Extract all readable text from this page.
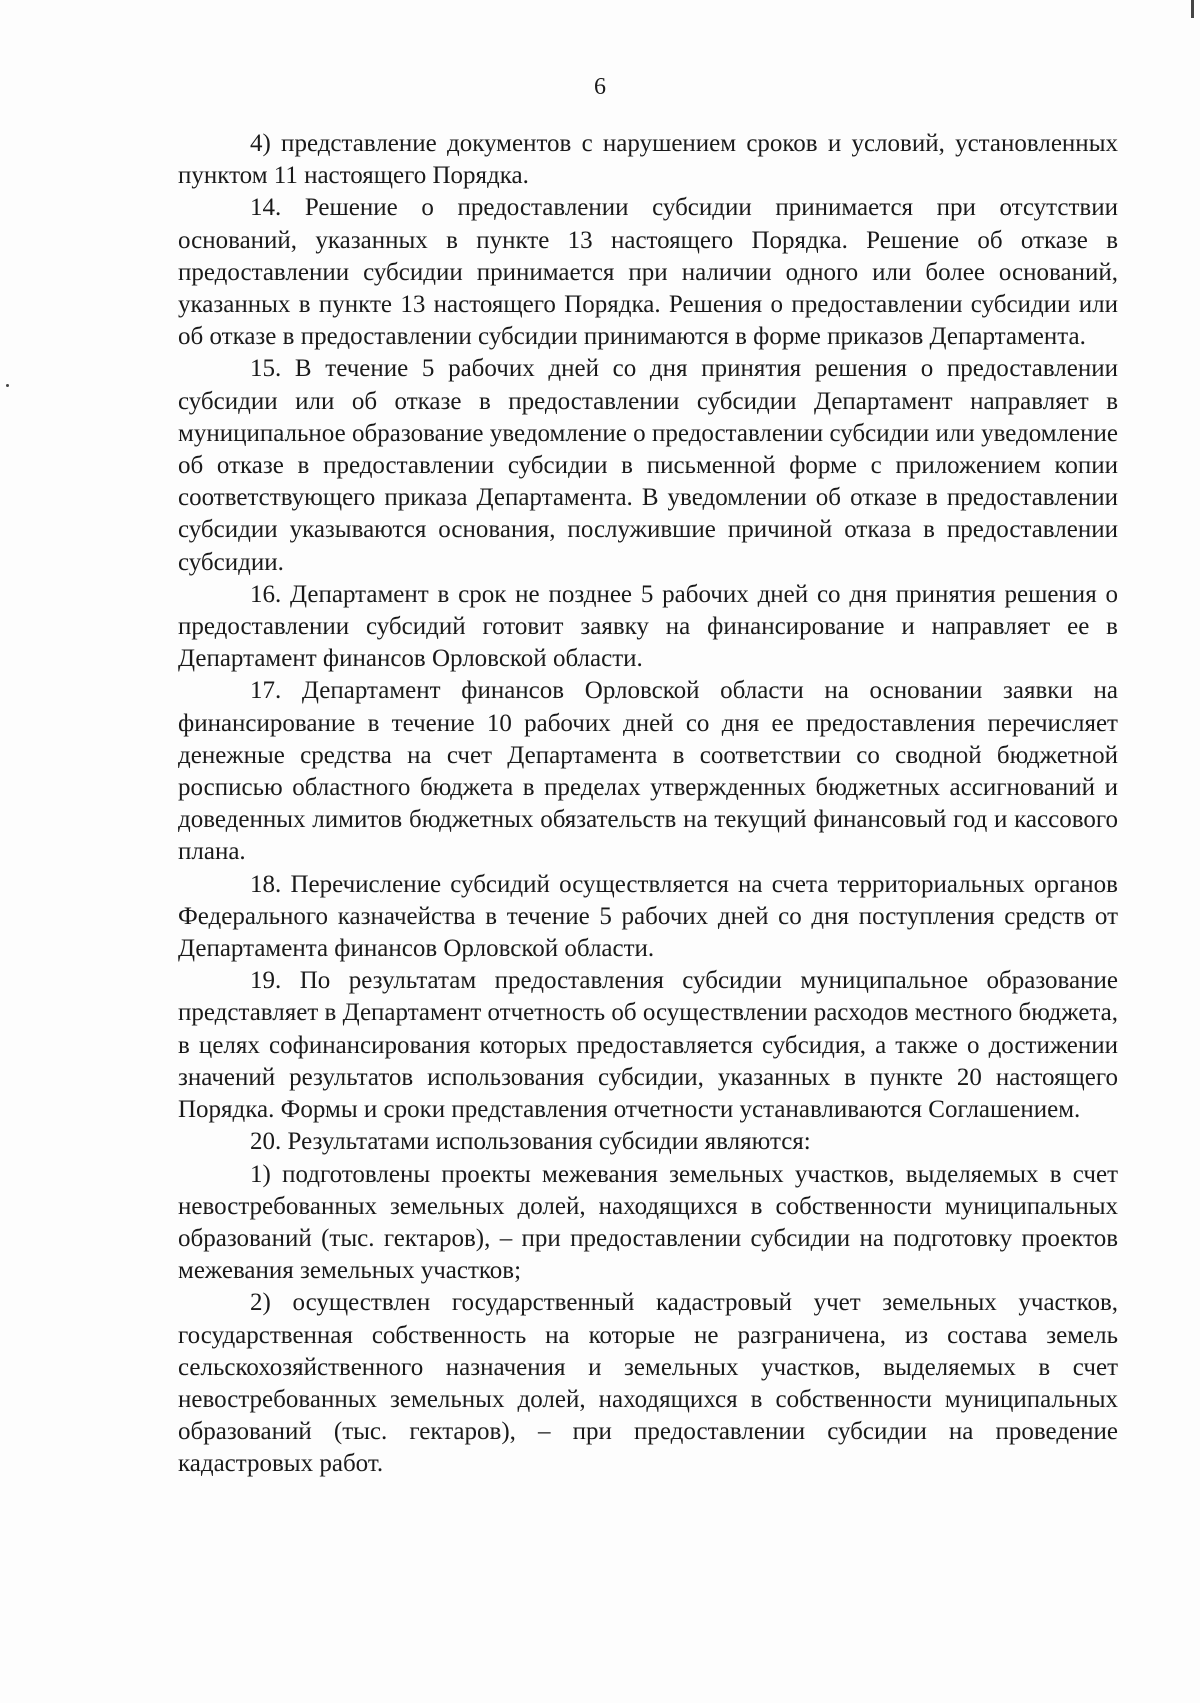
6

4) представление документов с нарушением сроков и условий, установленных пунктом 11 настоящего Порядка.

14. Решение о предоставлении субсидии принимается при отсутствии оснований, указанных в пункте 13 настоящего Порядка. Решение об отказе в предоставлении субсидии принимается при наличии одного или более оснований, указанных в пункте 13 настоящего Порядка. Решения о предоставлении субсидии или об отказе в предоставлении субсидии принимаются в форме приказов Департамента.

15. В течение 5 рабочих дней со дня принятия решения о предоставлении субсидии или об отказе в предоставлении субсидии Департамент направляет в муниципальное образование уведомление о предоставлении субсидии или уведомление об отказе в предоставлении субсидии в письменной форме с приложением копии соответствующего приказа Департамента. В уведомлении об отказе в предоставлении субсидии указываются основания, послужившие причиной отказа в предоставлении субсидии.

16. Департамент в срок не позднее 5 рабочих дней со дня принятия решения о предоставлении субсидий готовит заявку на финансирование и направляет ее в Департамент финансов Орловской области.

17. Департамент финансов Орловской области на основании заявки на финансирование в течение 10 рабочих дней со дня ее предоставления перечисляет денежные средства на счет Департамента в соответствии со сводной бюджетной росписью областного бюджета в пределах утвержденных бюджетных ассигнований и доведенных лимитов бюджетных обязательств на текущий финансовый год и кассового плана.

18. Перечисление субсидий осуществляется на счета территориальных органов Федерального казначейства в течение 5 рабочих дней со дня поступления средств от Департамента финансов Орловской области.

19. По результатам предоставления субсидии муниципальное образование представляет в Департамент отчетность об осуществлении расходов местного бюджета, в целях софинансирования которых предоставляется субсидия, а также о достижении значений результатов использования субсидии, указанных в пункте 20 настоящего Порядка. Формы и сроки представления отчетности устанавливаются Соглашением.

20. Результатами использования субсидии являются:

1) подготовлены проекты межевания земельных участков, выделяемых в счет невостребованных земельных долей, находящихся в собственности муниципальных образований (тыс. гектаров), – при предоставлении субсидии на подготовку проектов межевания земельных участков;

2) осуществлен государственный кадастровый учет земельных участков, государственная собственность на которые не разграничена, из состава земель сельскохозяйственного назначения и земельных участков, выделяемых в счет невостребованных земельных долей, находящихся в собственности муниципальных образований (тыс. гектаров), – при предоставлении субсидии на проведение кадастровых работ.
